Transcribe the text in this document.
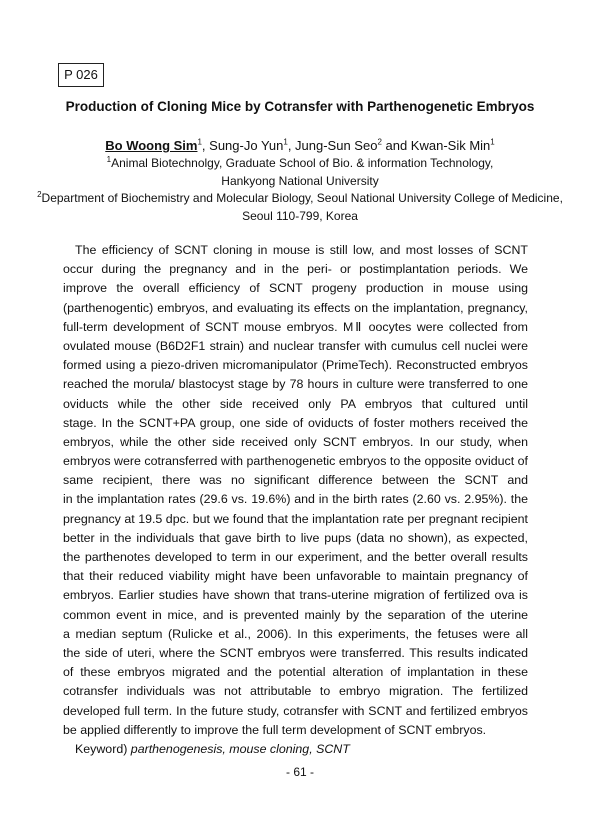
P 026
Production of Cloning Mice by Cotransfer with Parthenogenetic Embryos
Bo Woong Sim$^1$, Sung-Jo Yun$^1$, Jung-Sun Seo$^2$ and Kwan-Sik Min$^1$
$^1$Animal Biotechnolgy, Graduate School of Bio. & information Technology,
Hankyong National University
$^2$Department of Biochemistry and Molecular Biology, Seoul National University College of Medicine,
Seoul 110-799, Korea
The efficiency of SCNT cloning in mouse is still low, and most losses of SCNT
occur during the pregnancy and in the peri- or postimplantation periods. We
improve the overall efficiency of SCNT progeny production in mouse using
(parthenogentic) embryos, and evaluating its effects on the implantation, pregnancy,
full-term development of SCNT mouse embryos. MⅡ oocytes were collected from
ovulated mouse (B6D2F1 strain) and nuclear transfer with cumulus cell nuclei were
formed using a piezo-driven micromanipulator (PrimeTech). Reconstructed embryos
reached the morula/ blastocyst stage by 78 hours in culture were transferred to one
oviducts while the other side received only PA embryos that cultured until
stage. In the SCNT+PA group, one side of oviducts of foster mothers received the
embryos, while the other side received only SCNT embryos. In our study, when
embryos were cotransferred with parthenogenetic embryos to the opposite oviduct of
same recipient, there was no significant difference between the SCNT and
in the implantation rates (29.6 vs. 19.6%) and in the birth rates (2.60 vs. 2.95%). the
pregnancy at 19.5 dpc. but we found that the implantation rate per pregnant recipient
better in the individuals that gave birth to live pups (data no shown), as expected,
the parthenotes developed to term in our experiment, and the better overall results
that their reduced viability might have been unfavorable to maintain pregnancy of
embryos. Earlier studies have shown that trans-uterine migration of fertilized ova is
common event in mice, and is prevented mainly by the separation of the uterine
a median septum (Rulicke et al., 2006). In this experiments, the fetuses were all
the side of uteri, where the SCNT embryos were transferred. This results indicated
of these embryos migrated and the potential alteration of implantation in these
cotransfer individuals was not attributable to embryo migration. The fertilized
developed full term. In the future study, cotransfer with SCNT and fertilized embryos
be applied differently to improve the full term development of SCNT embryos.
Keyword) parthenogenesis, mouse cloning, SCNT
- 61 -
